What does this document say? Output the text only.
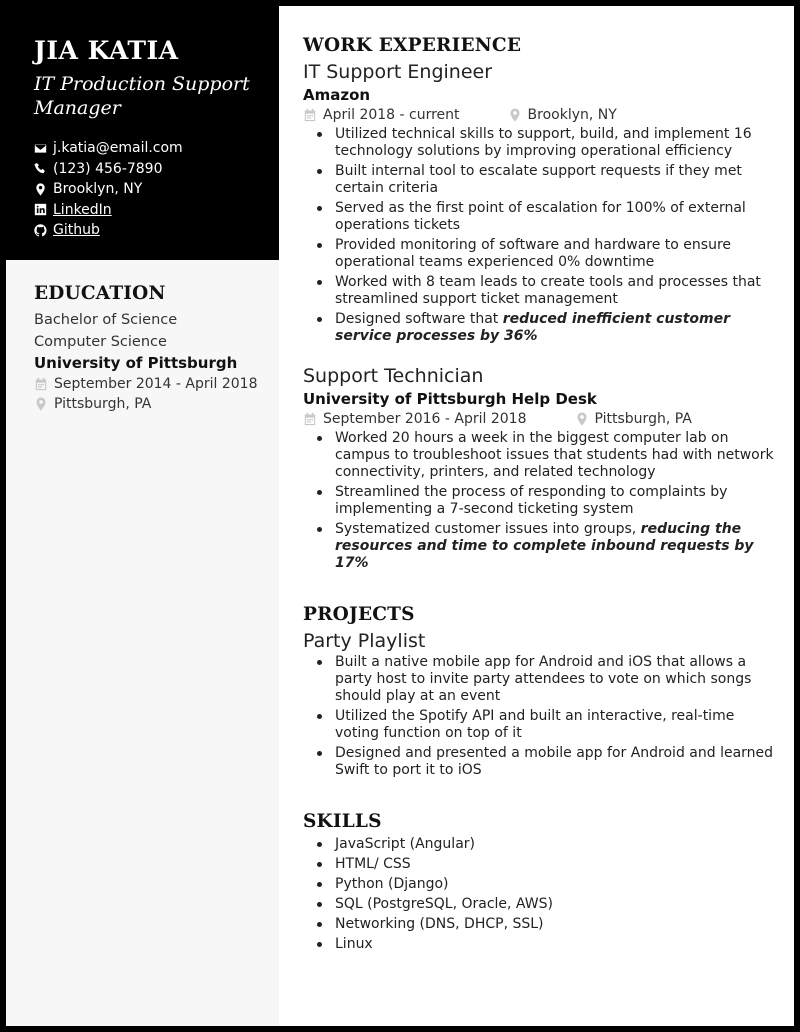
JIA KATIA
IT Production Support Manager
j.katia@email.com
(123) 456-7890
Brooklyn, NY
LinkedIn
Github
EDUCATION
Bachelor of Science
Computer Science
University of Pittsburgh
September 2014 - April 2018
Pittsburgh, PA
WORK EXPERIENCE
IT Support Engineer
Amazon
April 2018 - current	Brooklyn, NY
Utilized technical skills to support, build, and implement 16 technology solutions by improving operational efficiency
Built internal tool to escalate support requests if they met certain criteria
Served as the first point of escalation for 100% of external operations tickets
Provided monitoring of software and hardware to ensure operational teams experienced 0% downtime
Worked with 8 team leads to create tools and processes that streamlined support ticket management
Designed software that reduced inefficient customer service processes by 36%
Support Technician
University of Pittsburgh Help Desk
September 2016 - April 2018	Pittsburgh, PA
Worked 20 hours a week in the biggest computer lab on campus to troubleshoot issues that students had with network connectivity, printers, and related technology
Streamlined the process of responding to complaints by implementing a 7-second ticketing system
Systematized customer issues into groups, reducing the resources and time to complete inbound requests by 17%
PROJECTS
Party Playlist
Built a native mobile app for Android and iOS that allows a party host to invite party attendees to vote on which songs should play at an event
Utilized the Spotify API and built an interactive, real-time voting function on top of it
Designed and presented a mobile app for Android and learned Swift to port it to iOS
SKILLS
JavaScript (Angular)
HTML/ CSS
Python (Django)
SQL (PostgreSQL, Oracle, AWS)
Networking (DNS, DHCP, SSL)
Linux
